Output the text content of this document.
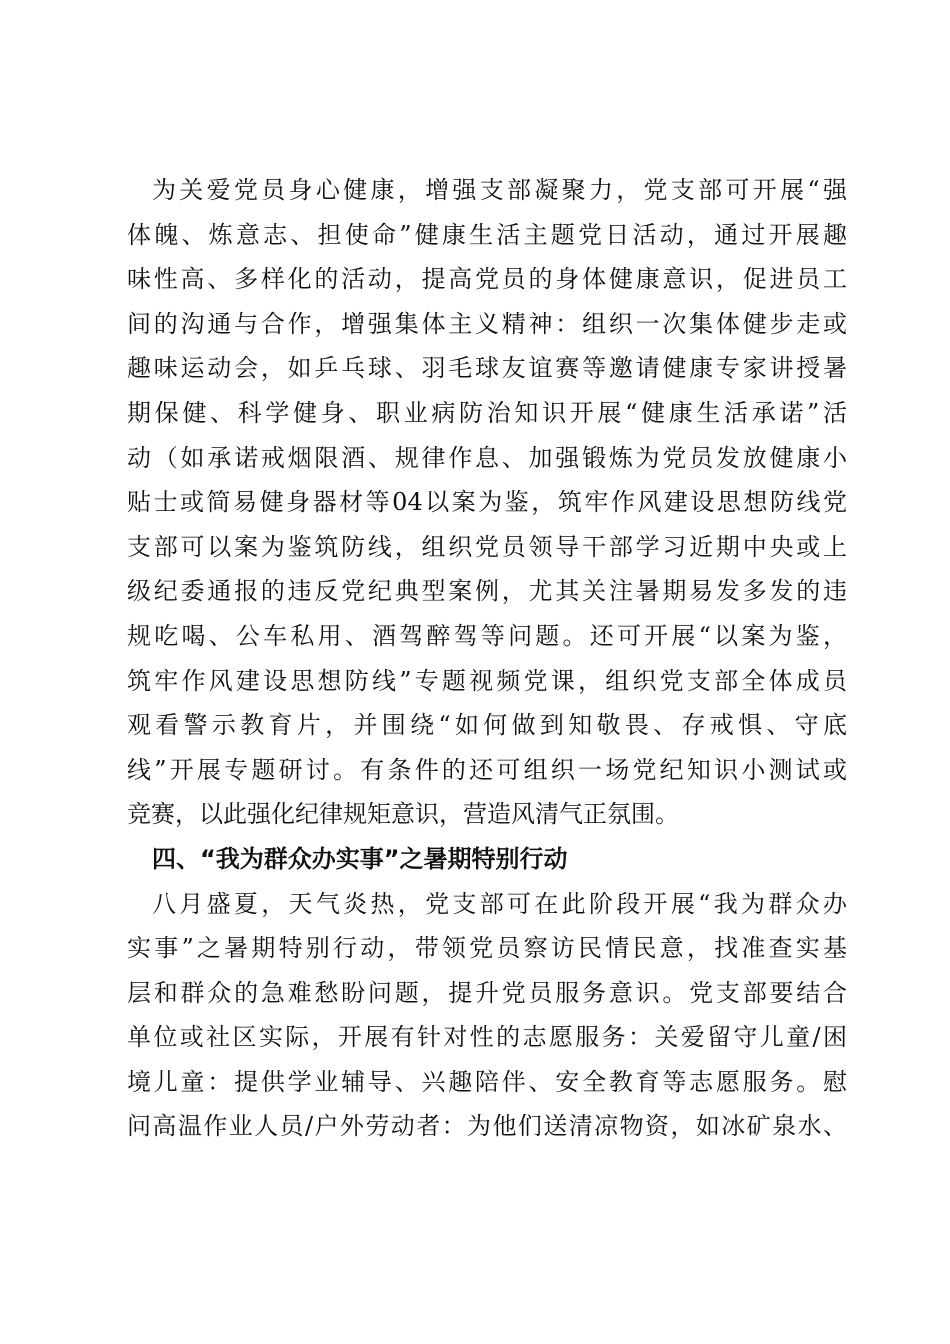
为关爱党员身心健康，增强支部凝聚力，党支部可开展“强
体魄、炼意志、担使命”健康生活主题党日活动，通过开展趣
味性高、多样化的活动，提高党员的身体健康意识，促进员工
间的沟通与合作，增强集体主义精神：组织一次集体健步走或
趣味运动会，如乒乓球、羽毛球友谊赛等邀请健康专家讲授暑
期保健、科学健身、职业病防治知识开展“健康生活承诺”活
动（如承诺戒烟限酒、规律作息、加强锻炼为党员发放健康小
贴士或简易健身器材等04以案为鉴，筑牢作风建设思想防线党
支部可以案为鉴筑防线，组织党员领导干部学习近期中央或上
级纪委通报的违反党纪典型案例，尤其关注暑期易发多发的违
规吃喝、公车私用、酒驾醉驾等问题。还可开展“以案为鉴，
筑牢作风建设思想防线”专题视频党课，组织党支部全体成员
观看警示教育片，并围绕“如何做到知敬畏、存戒惧、守底
线”开展专题研讨。有条件的还可组织一场党纪知识小测试或
竞赛，以此强化纪律规矩意识，营造风清气正氛围。
四、“我为群众办实事”之暑期特别行动
八月盛夏，天气炎热，党支部可在此阶段开展“我为群众办
实事”之暑期特别行动，带领党员察访民情民意，找准查实基
层和群众的急难愁盼问题，提升党员服务意识。党支部要结合
单位或社区实际，开展有针对性的志愿服务：关爱留守儿童/困
境儿童：提供学业辅导、兴趣陪伴、安全教育等志愿服务。慰
问高温作业人员/户外劳动者：为他们送清凉物资，如冰矿泉水、
